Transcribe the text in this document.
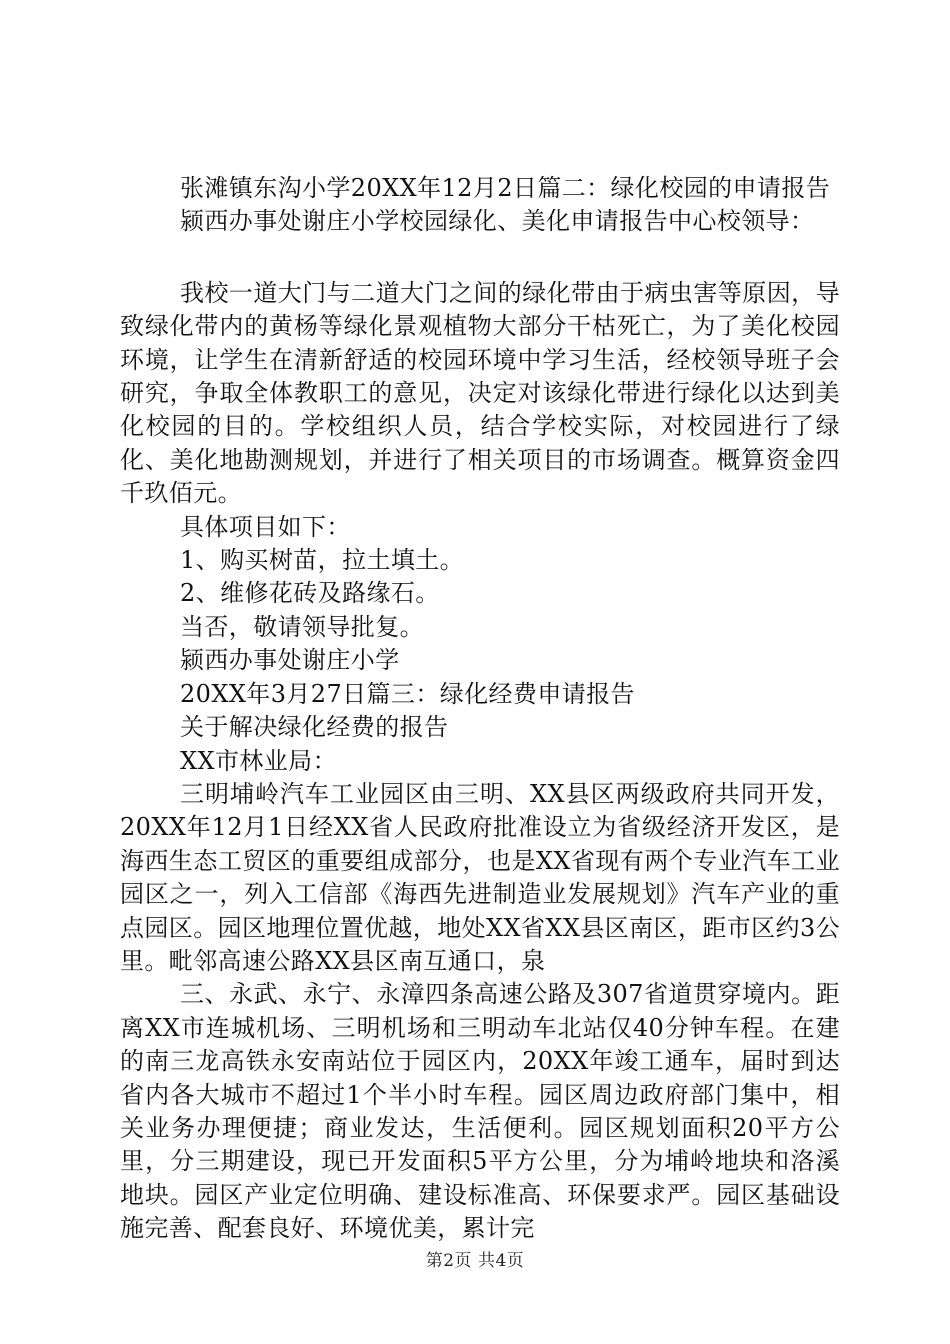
张滩镇东沟小学20XX年12月2日篇二：绿化校园的申请报告

颍西办事处谢庄小学校园绿化、美化申请报告中心校领导：

我校一道大门与二道大门之间的绿化带由于病虫害等原因，导致绿化带内的黄杨等绿化景观植物大部分干枯死亡，为了美化校园环境，让学生在清新舒适的校园环境中学习生活，经校领导班子会研究，争取全体教职工的意见，决定对该绿化带进行绿化以达到美化校园的目的。学校组织人员，结合学校实际，对校园进行了绿化、美化地勘测规划，并进行了相关项目的市场调查。概算资金四千玖佰元。

具体项目如下：

1、购买树苗，拉土填土。

2、维修花砖及路缘石。

当否，敬请领导批复。

颍西办事处谢庄小学

20XX年3月27日篇三：绿化经费申请报告

关于解决绿化经费的报告

XX市林业局：

三明埔岭汽车工业园区由三明、XX县区两级政府共同开发，20XX年12月1日经XX省人民政府批准设立为省级经济开发区，是海西生态工贸区的重要组成部分，也是XX省现有两个专业汽车工业园区之一，列入工信部《海西先进制造业发展规划》汽车产业的重点园区。园区地理位置优越，地处XX省XX县区南区，距市区约3公里。毗邻高速公路XX县区南互通口，泉

三、永武、永宁、永漳四条高速公路及307省道贯穿境内。距离XX市连城机场、三明机场和三明动车北站仅40分钟车程。在建的南三龙高铁永安南站位于园区内，20XX年竣工通车，届时到达省内各大城市不超过1个半小时车程。园区周边政府部门集中，相关业务办理便捷；商业发达，生活便利。园区规划面积20平方公里，分三期建设，现已开发面积5平方公里，分为埔岭地块和洛溪地块。园区产业定位明确、建设标准高、环保要求严。园区基础设施完善、配套良好、环境优美，累计完

第2页 共4页
